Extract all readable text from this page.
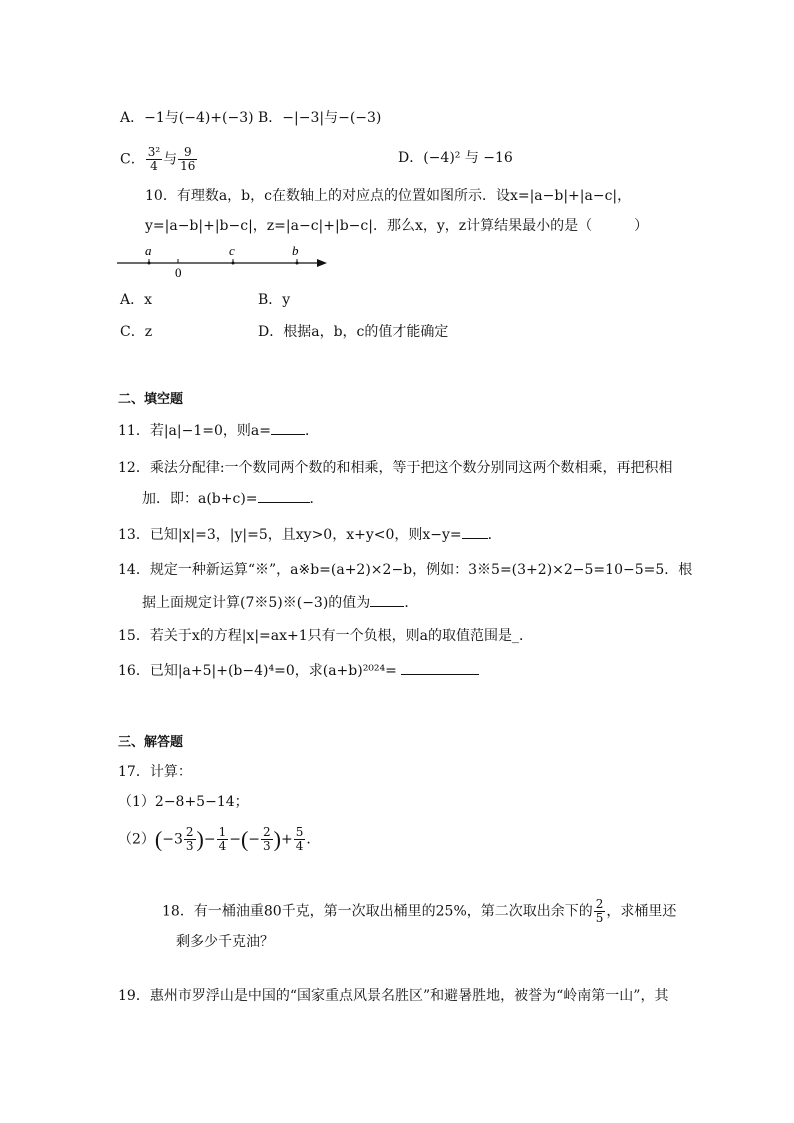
A．−1与(−4)+(−3) B．−|−3|与−(−3)
C． $\frac{\text{3²}}{4}$ 与 $\frac{9}{16}$	D．(−4)² 与 −16
10．有理数a，b，c在数轴上的对应点的位置如图所示．设x=|a−b|+|a−c|，
y=|a−b|+|b−c|，z=|a−c|+|b−c|．那么x，y，z计算结果最小的是（　　　）
a
0
c	b
A．x	B．y
C．z	D．根据a，b，c的值才能确定
二、填空题
11．若|a|−1=0，则a= ．
12．乘法分配律:一个数同两个数的和相乘，等于把这个数分别同这两个数相乘，再把积相
加．即：a(b+c)=	．
13．已知|x|=3，|y|=5，且xy>0，x+y<0，则x−y= ．
14．规定一种新运算“※”，a※b=(a+2)×2−b，例如：3※5=(3+2)×2−5=10−5=5．根
据上面规定计算(7※5)※(−3)的值为 ．
15．若关于x的方程|x|=ax+1只有一个负根，则a的取值范围是_．
16．已知|a+5|+(b−4)⁴=0，求(a+b)²⁰²⁴=
三、解答题
17．计算：
（1）2−8+5−14；
$(2)(-3 \frac{2}{3}$ )− $\frac{1}{4}$ −(− $\frac{2}{3}$ )+ $\frac{5}{4}$ ．
18．有一桶油重80千克，第一次取出桶里的25%，第二次取出余下的 $\frac{2}{5}$ ，求桶里还
剩多少千克油？
19．惠州市罗浮山是中国的“国家重点风景名胜区”和避暑胜地，被誉为“岭南第一山”，其
